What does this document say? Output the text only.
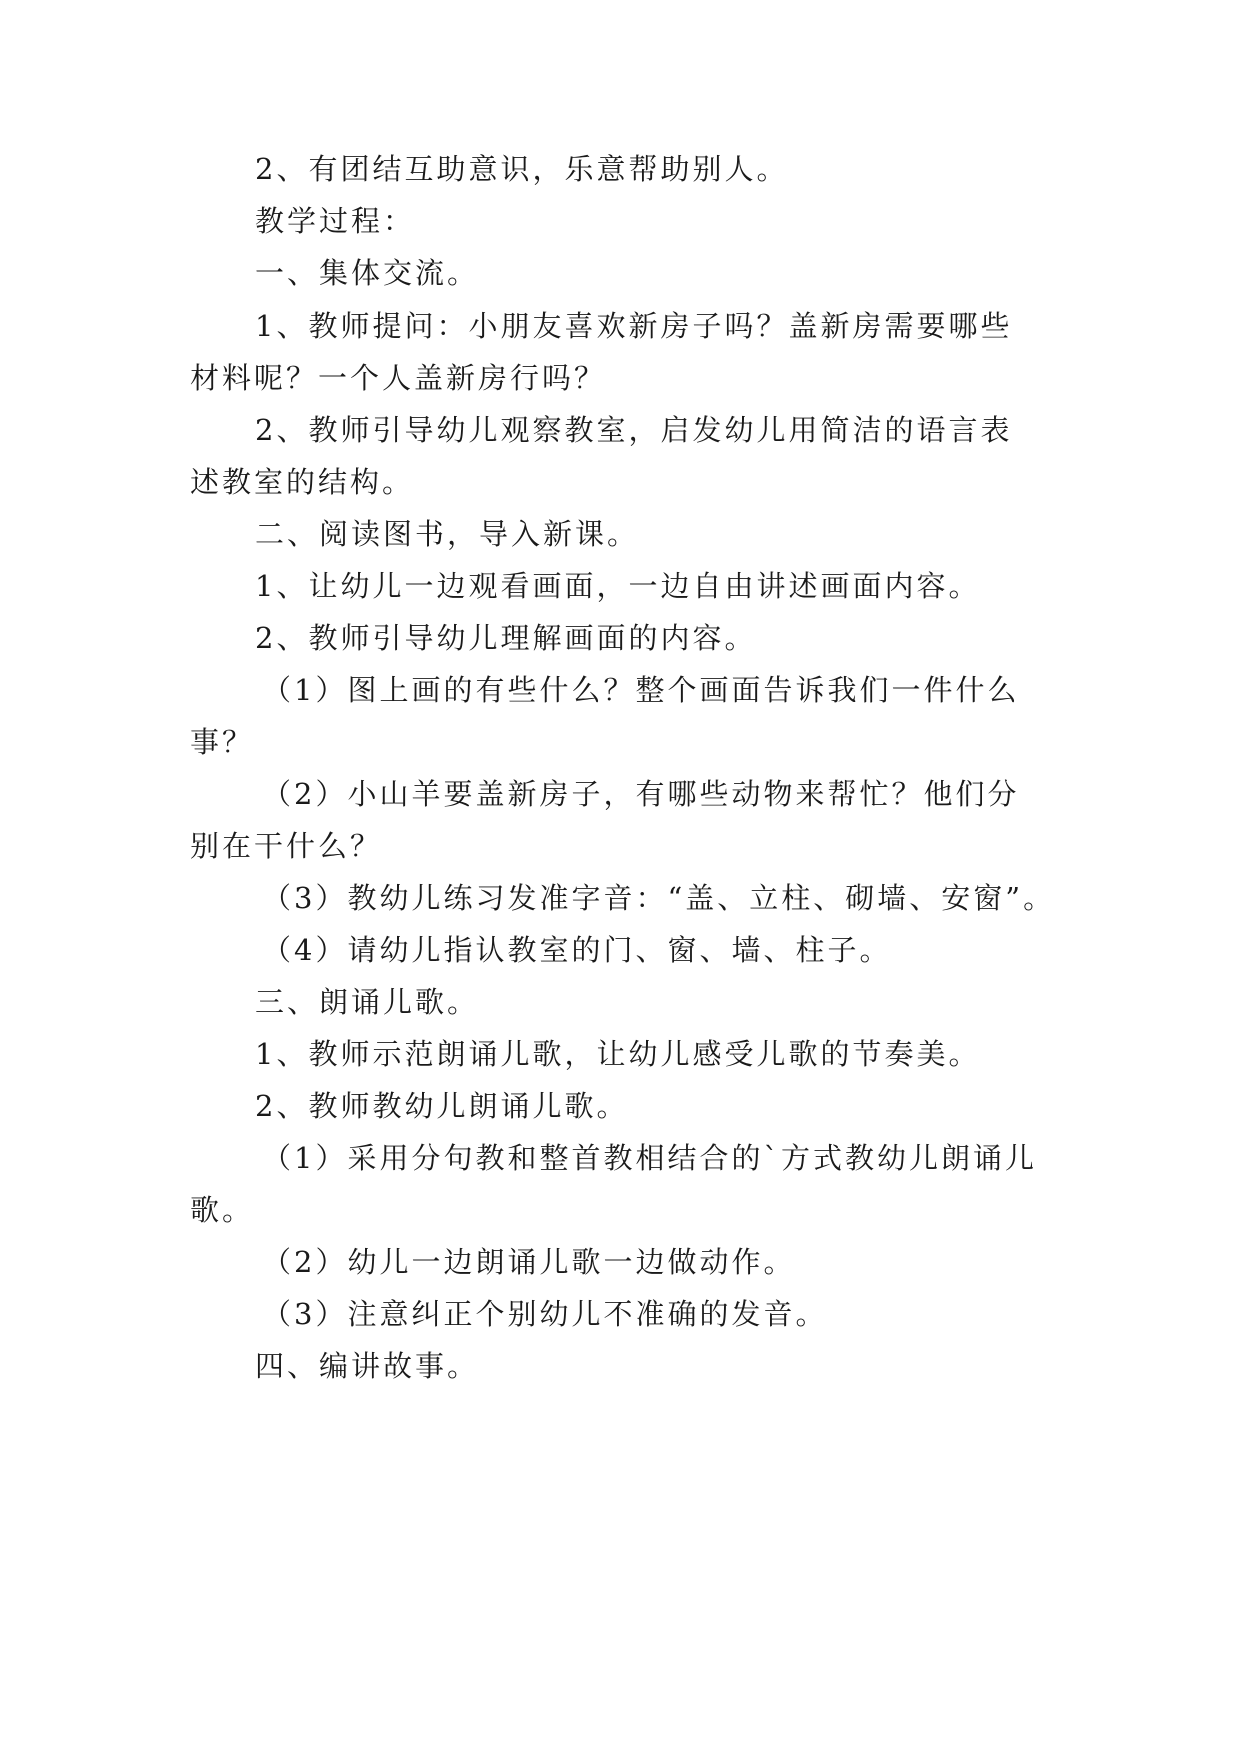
2、有团结互助意识，乐意帮助别人。
教学过程：
一、集体交流。
1、教师提问：小朋友喜欢新房子吗？盖新房需要哪些
材料呢？一个人盖新房行吗？
2、教师引导幼儿观察教室，启发幼儿用简洁的语言表
述教室的结构。
二、阅读图书，导入新课。
1、让幼儿一边观看画面，一边自由讲述画面内容。
2、教师引导幼儿理解画面的内容。
（1）图上画的有些什么？整个画面告诉我们一件什么
事？
（2）小山羊要盖新房子，有哪些动物来帮忙？他们分
别在干什么？
（3）教幼儿练习发准字音：“盖、立柱、砌墙、安窗”。
（4）请幼儿指认教室的门、窗、墙、柱子。
三、朗诵儿歌。
1、教师示范朗诵儿歌，让幼儿感受儿歌的节奏美。
2、教师教幼儿朗诵儿歌。
（1）采用分句教和整首教相结合的`方式教幼儿朗诵儿
歌。
（2）幼儿一边朗诵儿歌一边做动作。
（3）注意纠正个别幼儿不准确的发音。
四、编讲故事。
